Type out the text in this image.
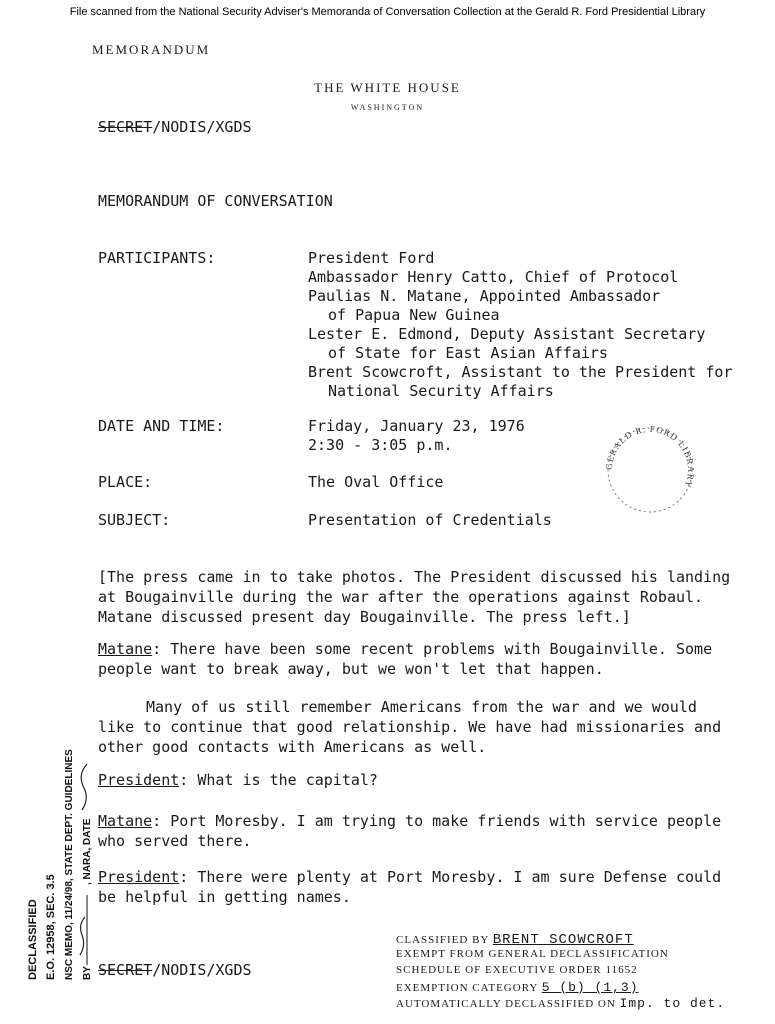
File scanned from the National Security Adviser's Memoranda of Conversation Collection at the Gerald R. Ford Presidential Library
MEMORANDUM
THE WHITE HOUSE
WASHINGTON
SECRET/NODIS/XGDS
MEMORANDUM OF CONVERSATION
PARTICIPANTS:	President Ford
Ambassador Henry Catto, Chief of Protocol
Paulias N. Matane, Appointed Ambassador
of Papua New Guinea
Lester E. Edmond, Deputy Assistant Secretary
of State for East Asian Affairs
Brent Scowcroft, Assistant to the President for
National Security Affairs
DATE AND TIME:	Friday, January 23, 1976
2:30 - 3:05 p.m.
PLACE:	The Oval Office
SUBJECT:	Presentation of Credentials
GERALD R. FORD LIBRARY
[The press came in to take photos. The President discussed his landing at Bougainville during the war after the operations against Robaul. Matane discussed present day Bougainville. The press left.]
Matane: There have been some recent problems with Bougainville. Some people want to break away, but we won't let that happen.
Many of us still remember Americans from the war and we would like to continue that good relationship. We have had missionaries and other good contacts with Americans as well.
President: What is the capital?
Matane: Port Moresby. I am trying to make friends with service people who served there.
President: There were plenty at Port Moresby. I am sure Defense could be helpful in getting names.
SECRET/NODIS/XGDS
CLASSIFIED BY BRENT SCOWCROFT
EXEMPT FROM GENERAL DECLASSIFICATION
SCHEDULE OF EXECUTIVE ORDER 11652
EXEMPTION CATEGORY 5 (b) (1,3)
AUTOMATICALLY DECLASSIFIED ON Imp. to det.
DECLASSIFIED E.O. 12958, SEC. 3.5 NSC MEMO, 11/24/98, STATE DEPT. GUIDELINES BY
, NARA, DATE
